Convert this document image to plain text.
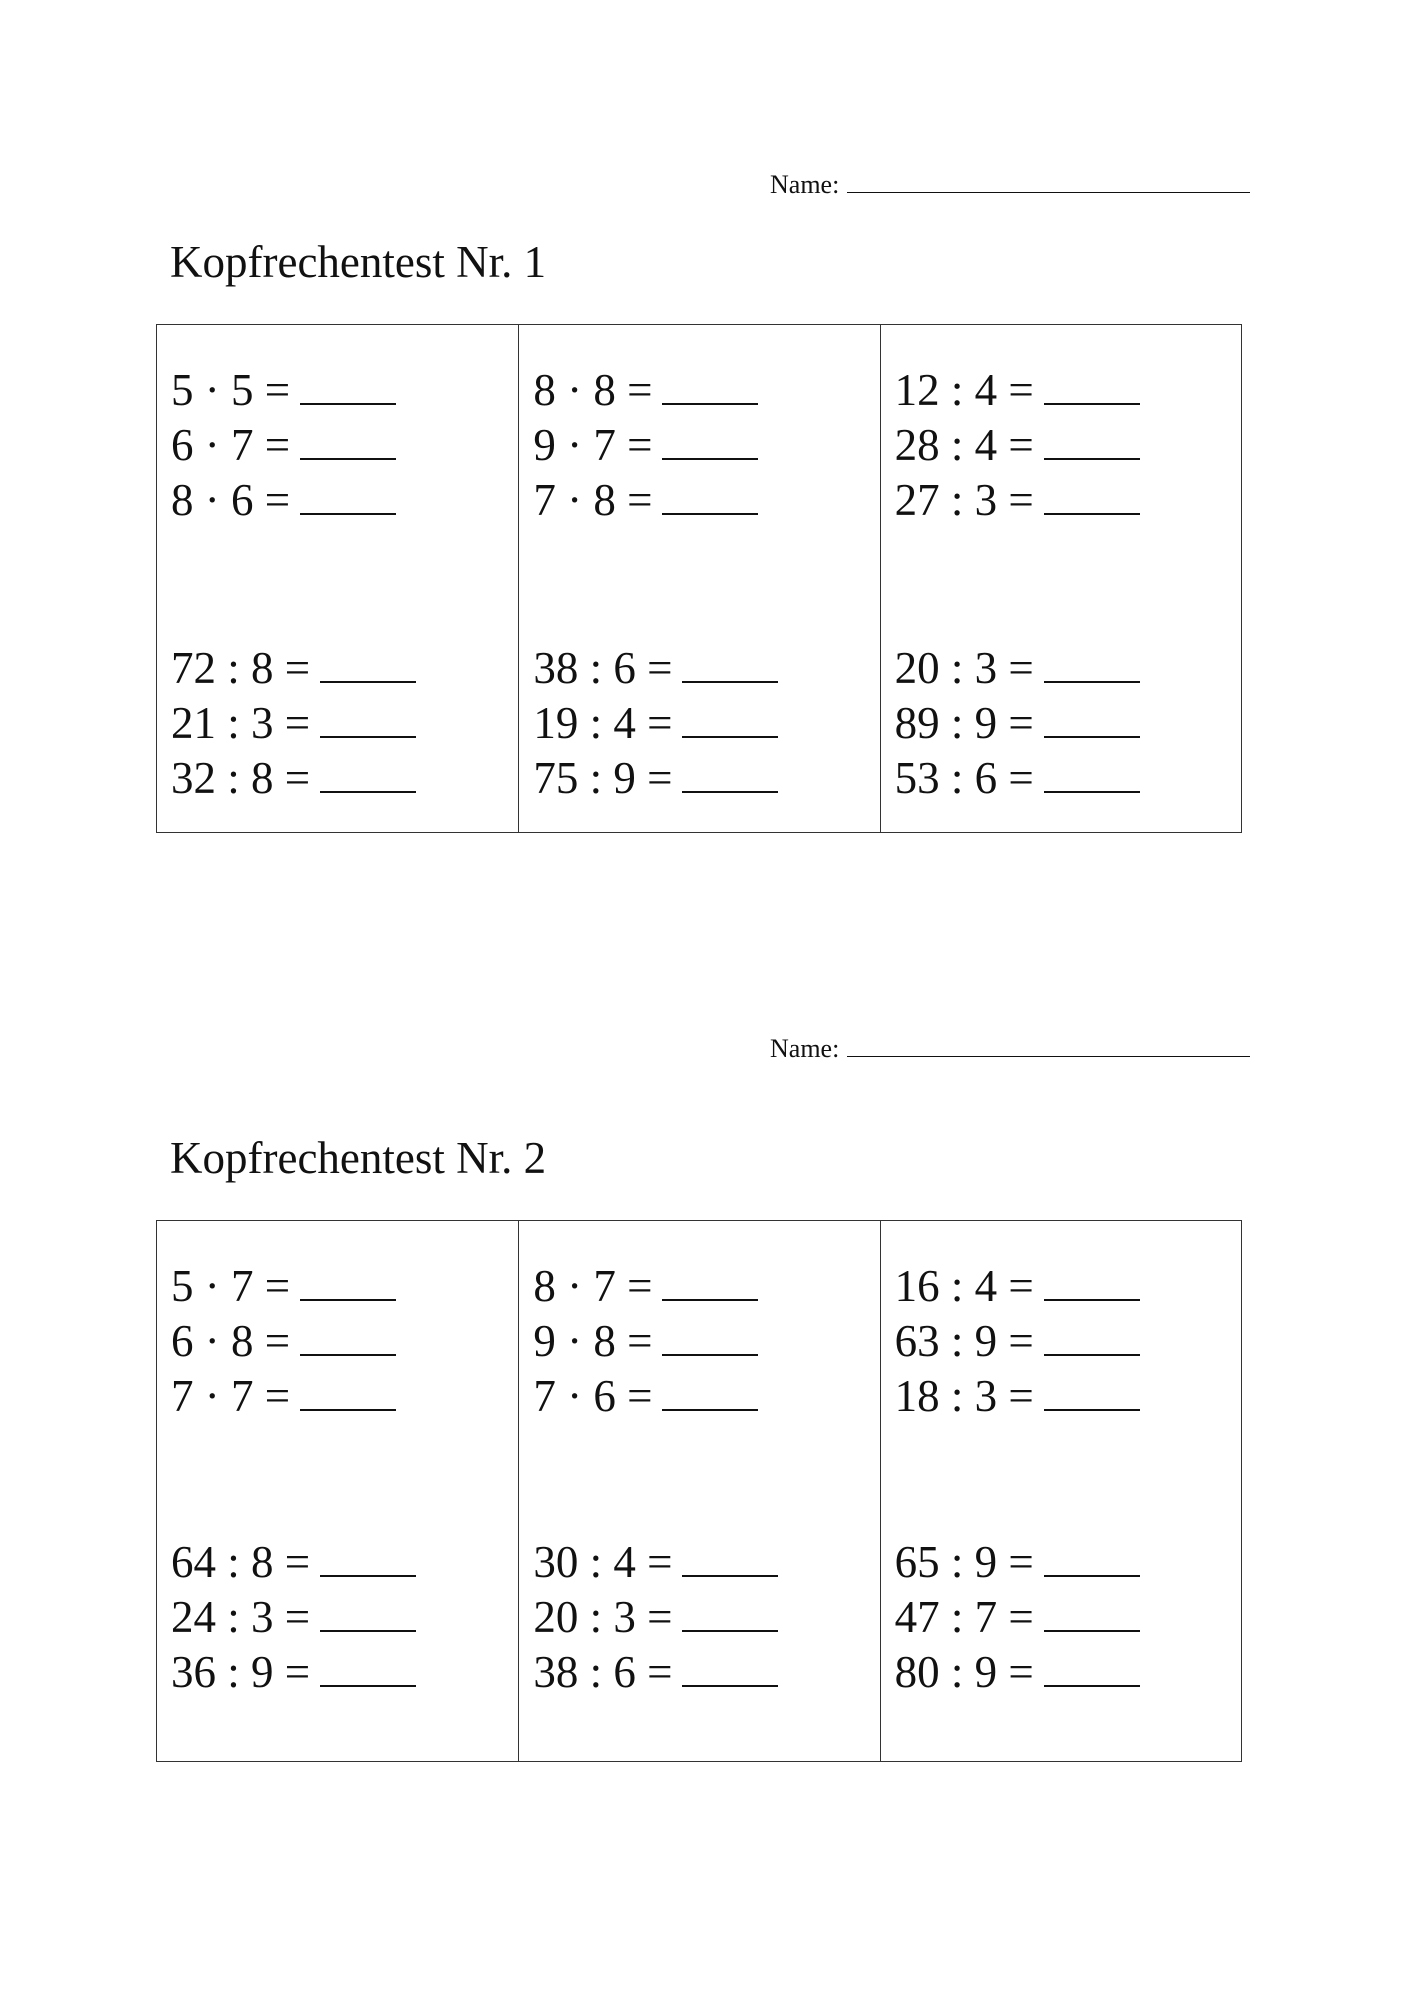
Name:
Kopfrechentest Nr. 1
5 · 5 =
6 · 7 =
8 · 6 =
72 : 8 =
21 : 3 =
32 : 8 =
8 · 8 =
9 · 7 =
7 · 8 =
38 : 6 =
19 : 4 =
75 : 9 =
12 : 4 =
28 : 4 =
27 : 3 =
20 : 3 =
89 : 9 =
53 : 6 =
Name:
Kopfrechentest Nr. 2
5 · 7 =
6 · 8 =
7 · 7 =
64 : 8 =
24 : 3 =
36 : 9 =
8 · 7 =
9 · 8 =
7 · 6 =
30 : 4 =
20 : 3 =
38 : 6 =
16 : 4 =
63 : 9 =
18 : 3 =
65 : 9 =
47 : 7 =
80 : 9 =
